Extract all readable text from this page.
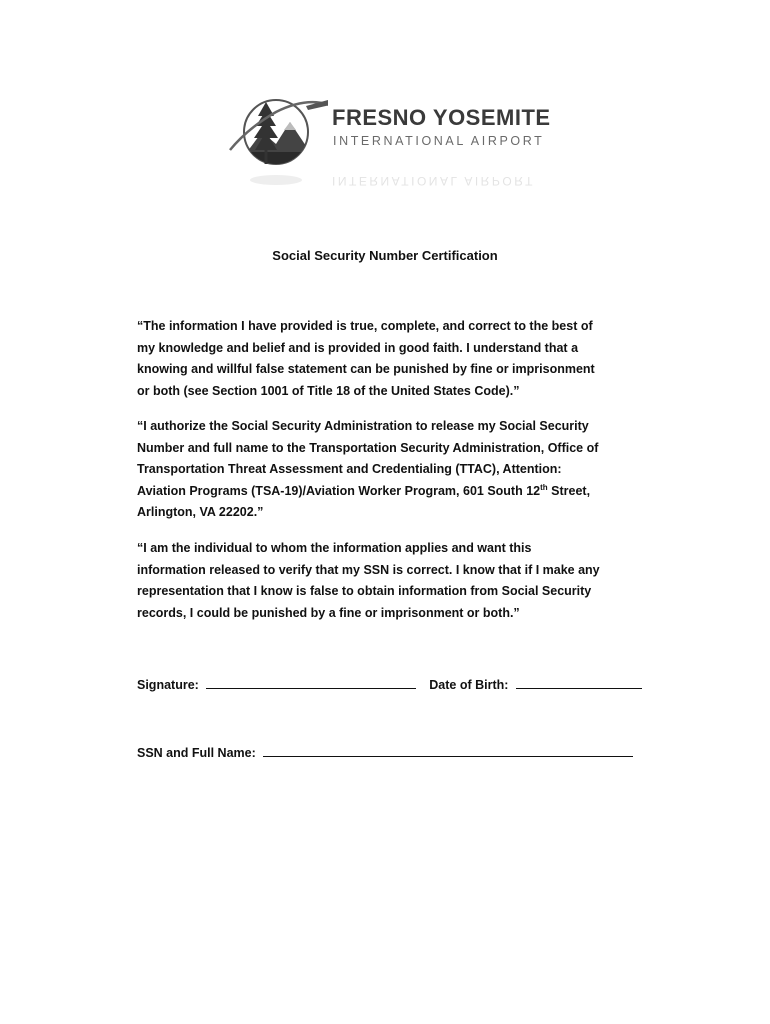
FRESNO YOSEMITE
INTERNATIONAL AIRPORT
INTERNATIONAL AIRPORT
Social Security Number Certification

“The information I have provided is true, complete, and correct to the best of
my knowledge and belief and is provided in good faith. I understand that a
knowing and willful false statement can be punished by fine or imprisonment
or both (see Section 1001 of Title 18 of the United States Code).”

“I authorize the Social Security Administration to release my Social Security
Number and full name to the Transportation Security Administration, Office of
Transportation Threat Assessment and Credentialing (TTAC), Attention:
Aviation Programs (TSA-19)/Aviation Worker Program, 601 South 12th Street,
Arlington, VA 22202.”

“I am the individual to whom the information applies and want this
information released to verify that my SSN is correct. I know that if I make any
representation that I know is false to obtain information from Social Security
records, I could be punished by a fine or imprisonment or both.”

Signature:	Date of Birth:
SSN and Full Name:
